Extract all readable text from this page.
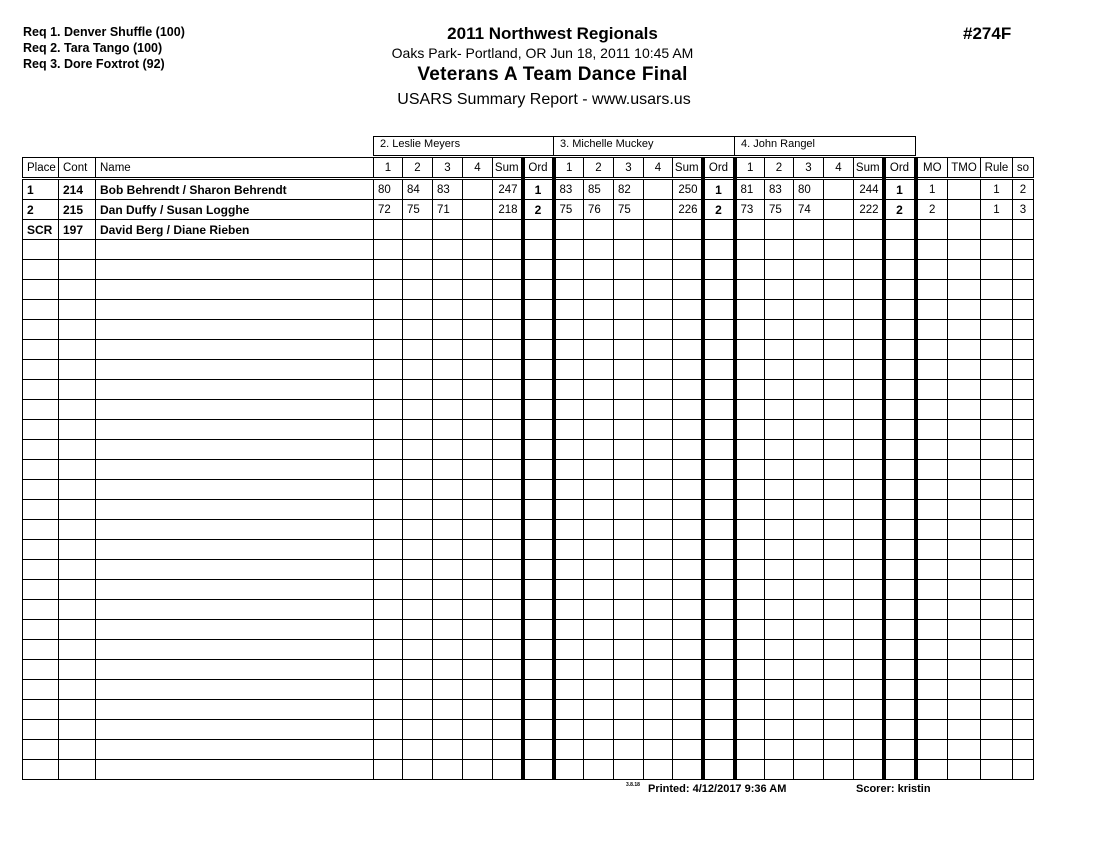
Req 1. Denver Shuffle (100)
Req 2. Tara Tango (100)
Req 3. Dore Foxtrot (92)
2011 Northwest Regionals
Oaks Park- Portland, OR Jun 18, 2011 10:45 AM
Veterans A Team Dance Final
USARS Summary Report - www.usars.us
#274F
2. Leslie Meyers	3. Michelle Muckey	4. John Rangel
Place	Cont	Name	1	2	3	4	Sum	Ord	1	2	3	4	Sum	Ord	1	2	3	4	Sum	Ord	MO	TMO	Rule	so
1	214	Bob Behrendt / Sharon Behrendt	80	84	83		247	1	83	85	82		250	1	81	83	80		244	1	1		1	2
2	215	Dan Duffy / Susan Logghe	72	75	71		218	2	75	76	75		226	2	73	75	74		222	2	2		1	3
SCR	197	David Berg / Diane Rieben																						

3.8.18 Printed: 4/12/2017 9:36 AM	Scorer: kristin
